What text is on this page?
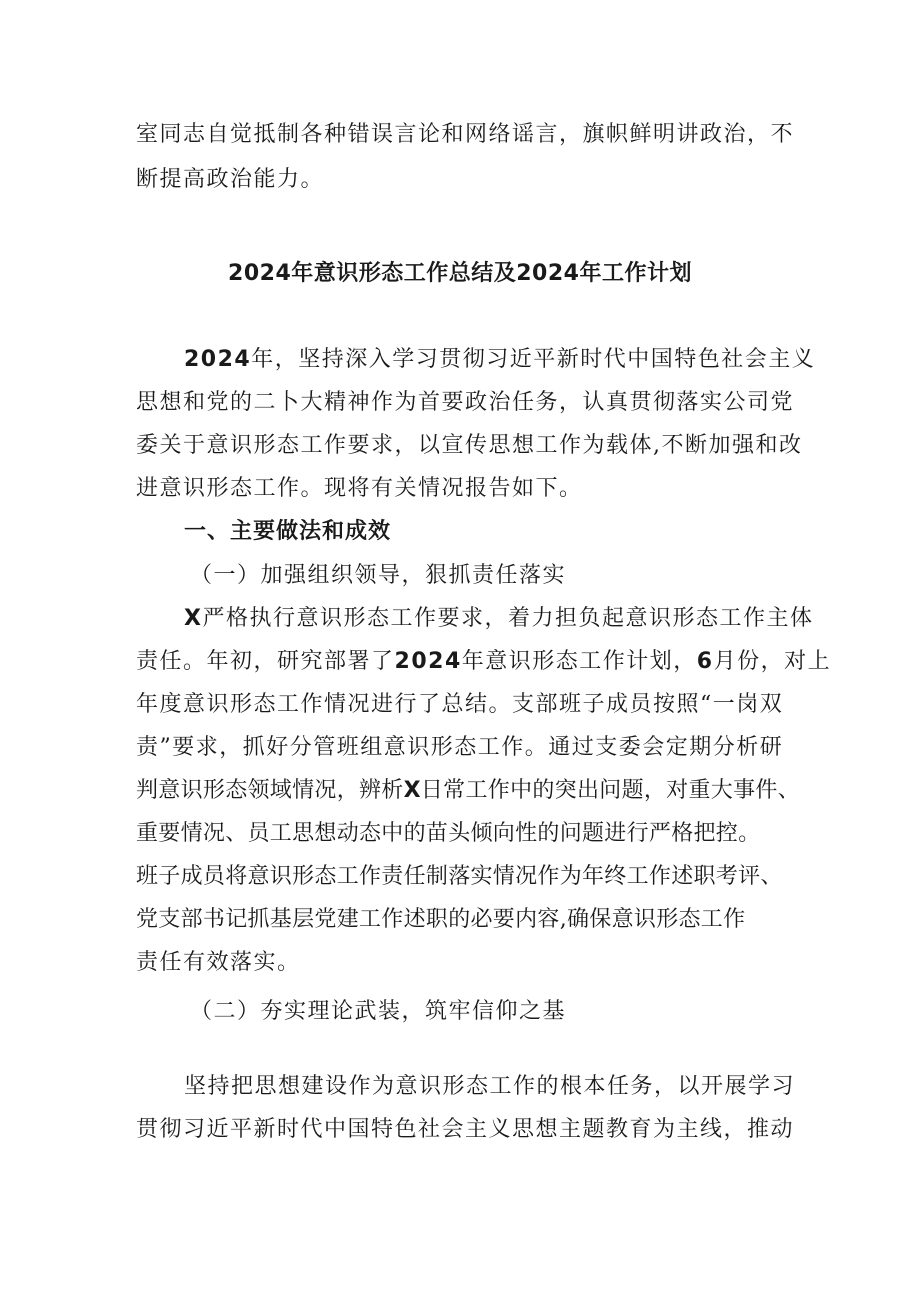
室同志自觉抵制各种错误言论和网络谣言，旗帜鲜明讲政治，不
断提高政治能力。
2024年意识形态工作总结及2024年工作计划
2024年，坚持深入学习贯彻习近平新时代中国特色社会主义
思想和党的二卜大精神作为首要政治任务，认真贯彻落实公司党
委关于意识形态工作要求，以宣传思想工作为载体,不断加强和改
进意识形态工作。现将有关情况报告如下。
一、主要做法和成效
（一）加强组织领导，狠抓责任落实
X严格执行意识形态工作要求，着力担负起意识形态工作主体
责任。年初，研究部署了2024年意识形态工作计划，6月份，对上
年度意识形态工作情况进行了总结。支部班子成员按照“一岗双
责”要求，抓好分管班组意识形态工作。通过支委会定期分析研
判意识形态领域情况，辨析X日常工作中的突出问题，对重大事件、
重要情况、员工思想动态中的苗头倾向性的问题进行严格把控。
班子成员将意识形态工作责任制落实情况作为年终工作述职考评、
党支部书记抓基层党建工作述职的必要内容,确保意识形态工作
责任有效落实。
（二）夯实理论武装，筑牢信仰之基
坚持把思想建设作为意识形态工作的根本任务，以开展学习
贯彻习近平新时代中国特色社会主义思想主题教育为主线，推动
